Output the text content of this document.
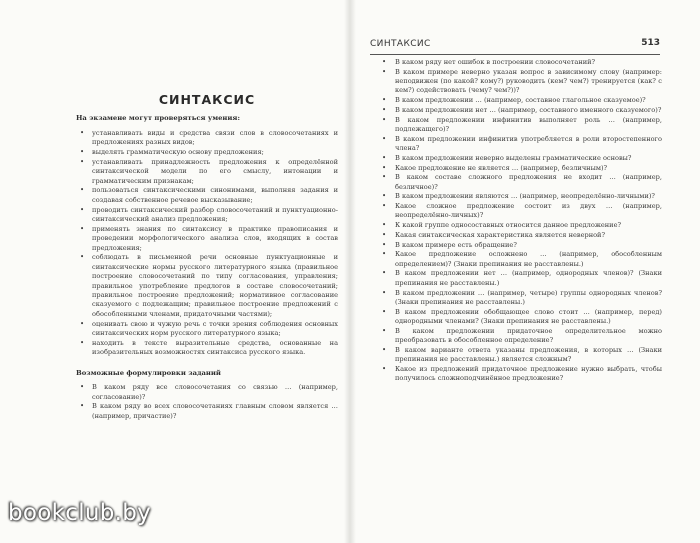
СИНТАКСИС	513
СИНТАКСИС
На экзамене могут проверяться умения:
• устанавливать виды и средства связи слов в словосочетаниях и предложениях разных видов;
• выделять грамматическую основу предложения;
• устанавливать принадлежность предложения к определённой синтаксической модели по его смыслу, интонации и грамматическим признакам;
• пользоваться синтаксическими синонимами, выполняя задания и создавая собственное речевое высказывание;
• проводить синтаксический разбор словосочетаний и пунктуационно-синтаксический анализ предложения;
• применять знания по синтаксису в практике правописания и проведении морфологического анализа слов, входящих в состав предложения;
• соблюдать в письменной речи основные пунктуационные и синтаксические нормы русского литературного языка (правильное построение словосочетаний по типу согласования, управления; правильное употребление предлогов в составе словосочетаний; правильное построение предложений; нормативное согласование сказуемого с подлежащим; правильное построение предложений с обособленными членами, придаточными частями);
• оценивать свою и чужую речь с точки зрения соблюдения основных синтаксических норм русского литературного языка;
• находить в тексте выразительные средства, основанные на изобразительных возможностях синтаксиса русского языка.
Возможные формулировки заданий
• В каком ряду все словосочетания со связью … (например, согласование)?
• В каком ряду во всех словосочетаниях главным словом является … (например, причастие)?
• В каком ряду нет ошибок в построении словосочетаний?
• В каком примере неверно указан вопрос в зависимому слову (например: неподвижен (по какой? кому?) руководить (кем? чем?) тренируется (как? с кем?) содействовать (чему? чем?))?
• В каком предложении … (например, составное глагольное сказуемое)?
• В каком предложении нет … (например, составного именного сказуемого)?
• В каком предложении инфинитив выполняет роль … (например, подлежащего)?
• В каком предложении инфинитив употребляется в роли второстепенного члена?
• В каком предложении неверно выделены грамматические основы?
• Какое предложение не является … (например, безличным)?
• В каком составе сложного предложения не входит … (например, безличное)?
• В каком предложении являются … (например, неопределённо-личными)?
• Какое сложное предложение состоит из двух … (например, неопределённо-личных)?
• К какой группе односоставных относится данное предложение?
• Какая синтаксическая характеристика является неверной?
• В каком примере есть обращение?
• Какое предложение осложнено … (например, обособленным определением)? (Знаки препинания не расставлены.)
• В каком предложении нет … (например, однородных членов)? (Знаки препинания не расставлены.)
• В каком предложении … (например, четыре) группы однородных членов? (Знаки препинания не расставлены.)
• В каком предложении обобщающее слово стоит … (например, перед) однородными членами? (Знаки препинания не расставлены.)
• В каком предложении придаточное определительное можно преобразовать в обособленное определение?
• В каком варианте ответа указаны предложения, в которых … (Знаки препинания не расставлены.) является сложным?
• Какое из предложений придаточное предложение нужно выбрать, чтобы получилось сложноподчинённое предложение?
bookclub.by
